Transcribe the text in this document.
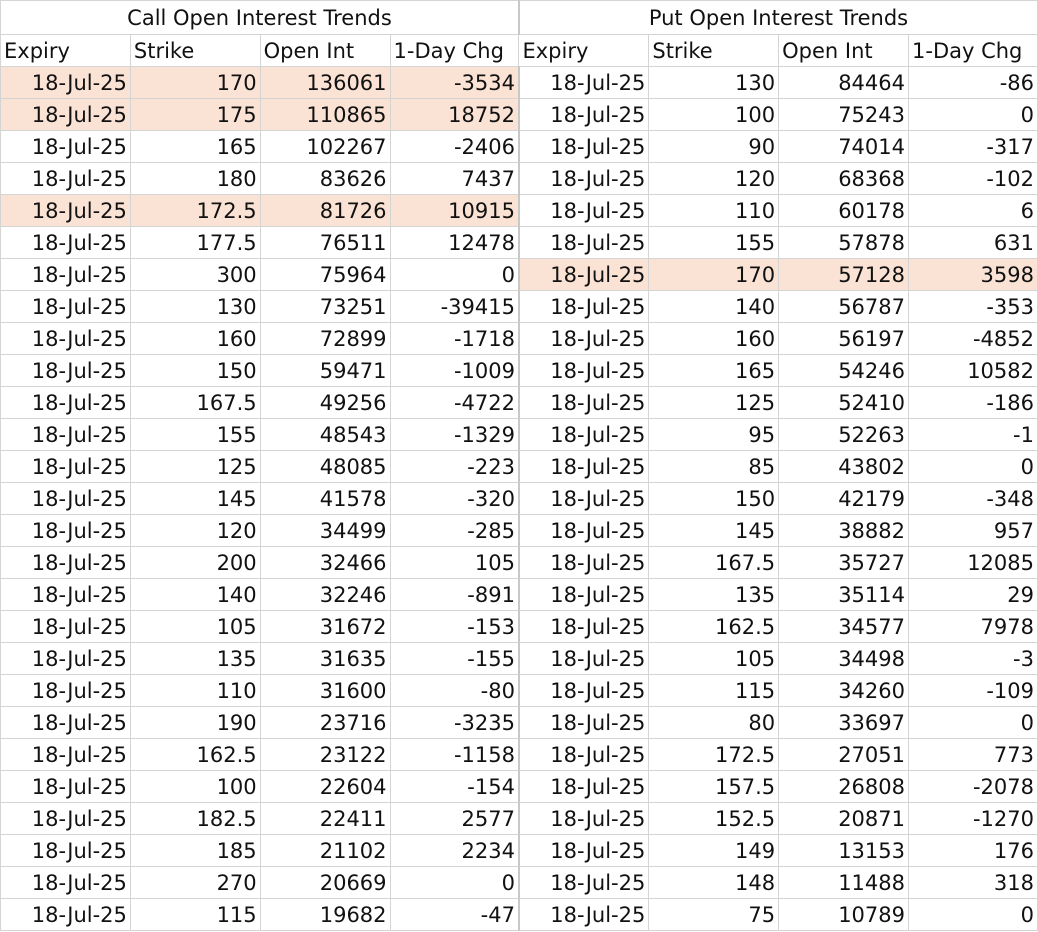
Call Open Interest Trends				Put Open Interest Trends			
Expiry	Strike	Open Int	1-Day Chg	Expiry	Strike	Open Int	1-Day Chg
18-Jul-25	170	136061	-3534	18-Jul-25	130	84464	-86
18-Jul-25	175	110865	18752	18-Jul-25	100	75243	0
18-Jul-25	165	102267	-2406	18-Jul-25	90	74014	-317
18-Jul-25	180	83626	7437	18-Jul-25	120	68368	-102
18-Jul-25	172.5	81726	10915	18-Jul-25	110	60178	6
18-Jul-25	177.5	76511	12478	18-Jul-25	155	57878	631
18-Jul-25	300	75964	0	18-Jul-25	170	57128	3598
18-Jul-25	130	73251	-39415	18-Jul-25	140	56787	-353
18-Jul-25	160	72899	-1718	18-Jul-25	160	56197	-4852
18-Jul-25	150	59471	-1009	18-Jul-25	165	54246	10582
18-Jul-25	167.5	49256	-4722	18-Jul-25	125	52410	-186
18-Jul-25	155	48543	-1329	18-Jul-25	95	52263	-1
18-Jul-25	125	48085	-223	18-Jul-25	85	43802	0
18-Jul-25	145	41578	-320	18-Jul-25	150	42179	-348
18-Jul-25	120	34499	-285	18-Jul-25	145	38882	957
18-Jul-25	200	32466	105	18-Jul-25	167.5	35727	12085
18-Jul-25	140	32246	-891	18-Jul-25	135	35114	29
18-Jul-25	105	31672	-153	18-Jul-25	162.5	34577	7978
18-Jul-25	135	31635	-155	18-Jul-25	105	34498	-3
18-Jul-25	110	31600	-80	18-Jul-25	115	34260	-109
18-Jul-25	190	23716	-3235	18-Jul-25	80	33697	0
18-Jul-25	162.5	23122	-1158	18-Jul-25	172.5	27051	773
18-Jul-25	100	22604	-154	18-Jul-25	157.5	26808	-2078
18-Jul-25	182.5	22411	2577	18-Jul-25	152.5	20871	-1270
18-Jul-25	185	21102	2234	18-Jul-25	149	13153	176
18-Jul-25	270	20669	0	18-Jul-25	148	11488	318
18-Jul-25	115	19682	-47	18-Jul-25	75	10789	0
